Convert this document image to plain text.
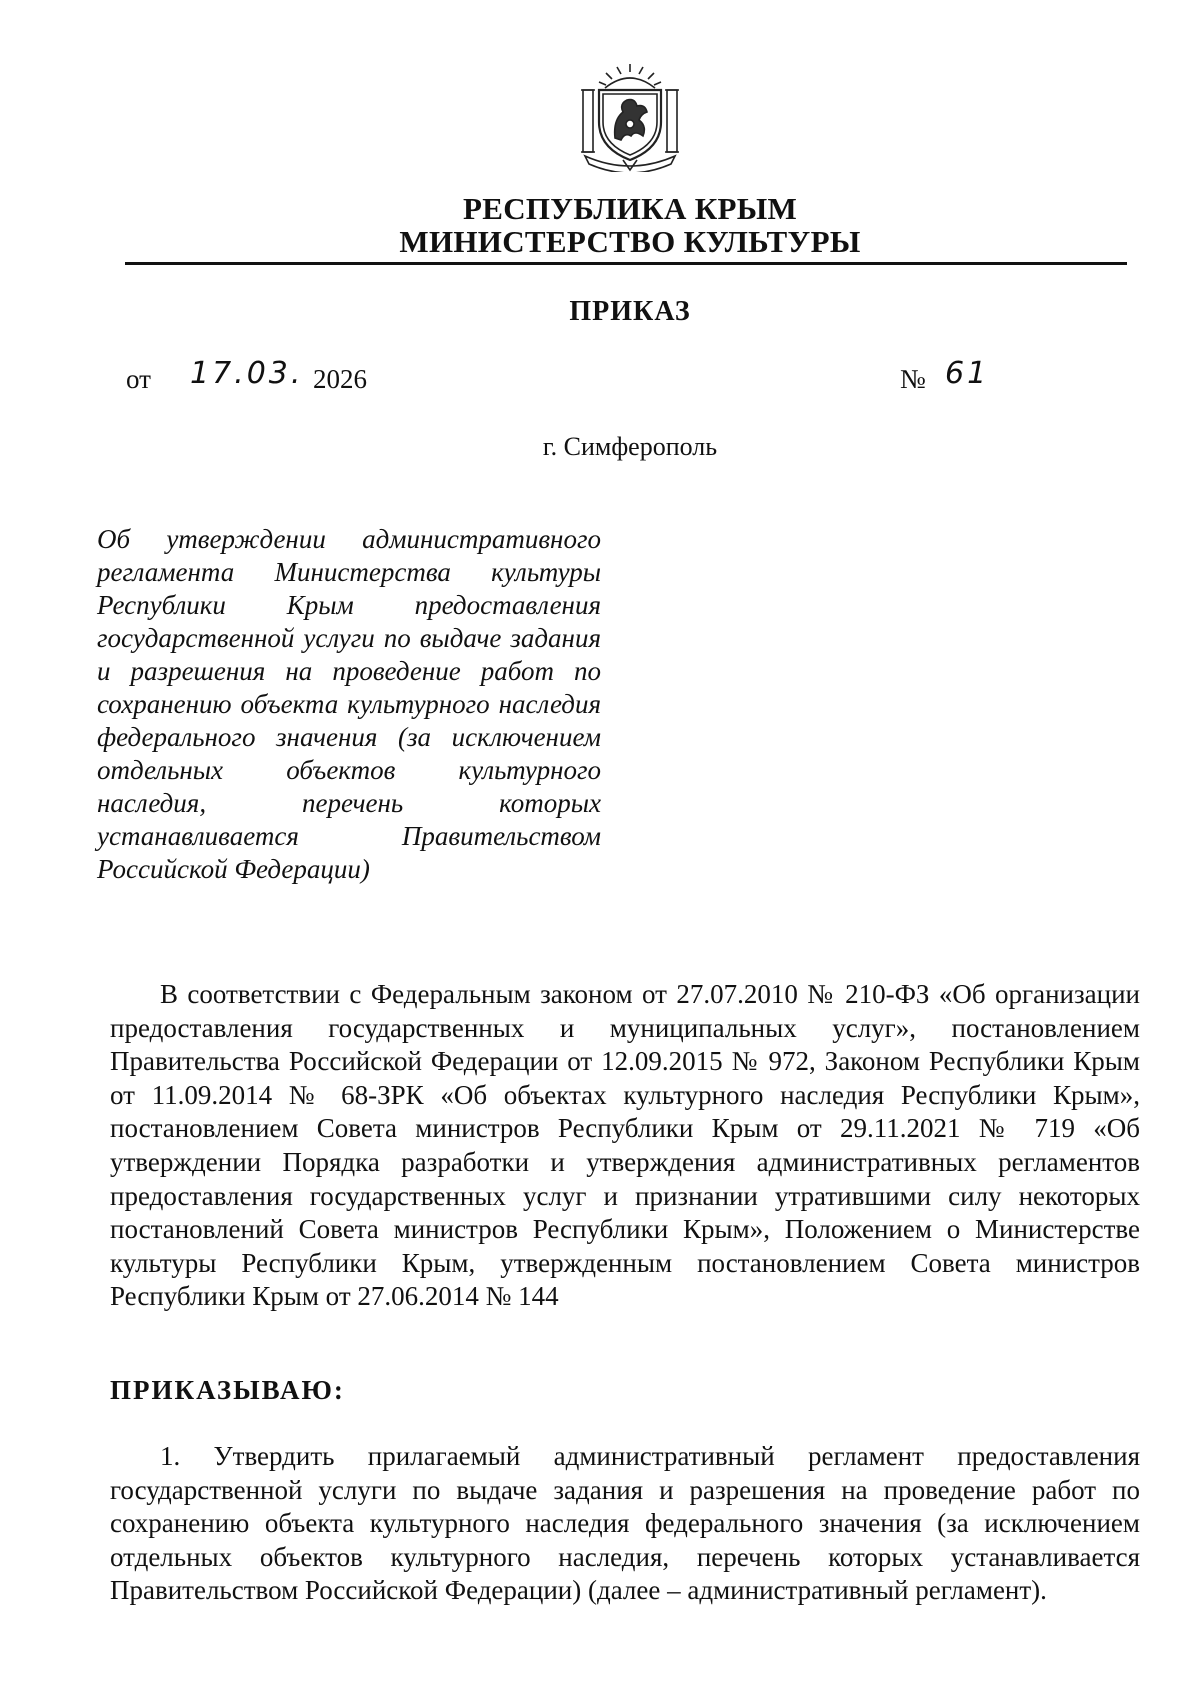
РЕСПУБЛИКА КРЫМ
МИНИСТЕРСТВО КУЛЬТУРЫ
ПРИКАЗ
от 17.03. 2026	№ 61
г. Симферополь
Об утверждении административного регламента Министерства культуры Республики Крым предоставления государственной услуги по выдаче задания и разрешения на проведение работ по сохранению объекта культурного наследия федерального значения (за исключением отдельных объектов культурного наследия, перечень которых устанавливается Правительством Российской Федерации)
В соответствии с Федеральным законом от 27.07.2010 № 210-ФЗ «Об организации предоставления государственных и муниципальных услуг», постановлением Правительства Российской Федерации от 12.09.2015 № 972, Законом Республики Крым от 11.09.2014 № 68-ЗРК «Об объектах культурного наследия Республики Крым», постановлением Совета министров Республики Крым от 29.11.2021 № 719 «Об утверждении Порядка разработки и утверждения административных регламентов предоставления государственных услуг и признании утратившими силу некоторых постановлений Совета министров Республики Крым», Положением о Министерстве культуры Республики Крым, утвержденным постановлением Совета министров Республики Крым от 27.06.2014 № 144
ПРИКАЗЫВАЮ:
1. Утвердить прилагаемый административный регламент предоставления государственной услуги по выдаче задания и разрешения на проведение работ по сохранению объекта культурного наследия федерального значения (за исключением отдельных объектов культурного наследия, перечень которых устанавливается Правительством Российской Федерации) (далее – административный регламент).
